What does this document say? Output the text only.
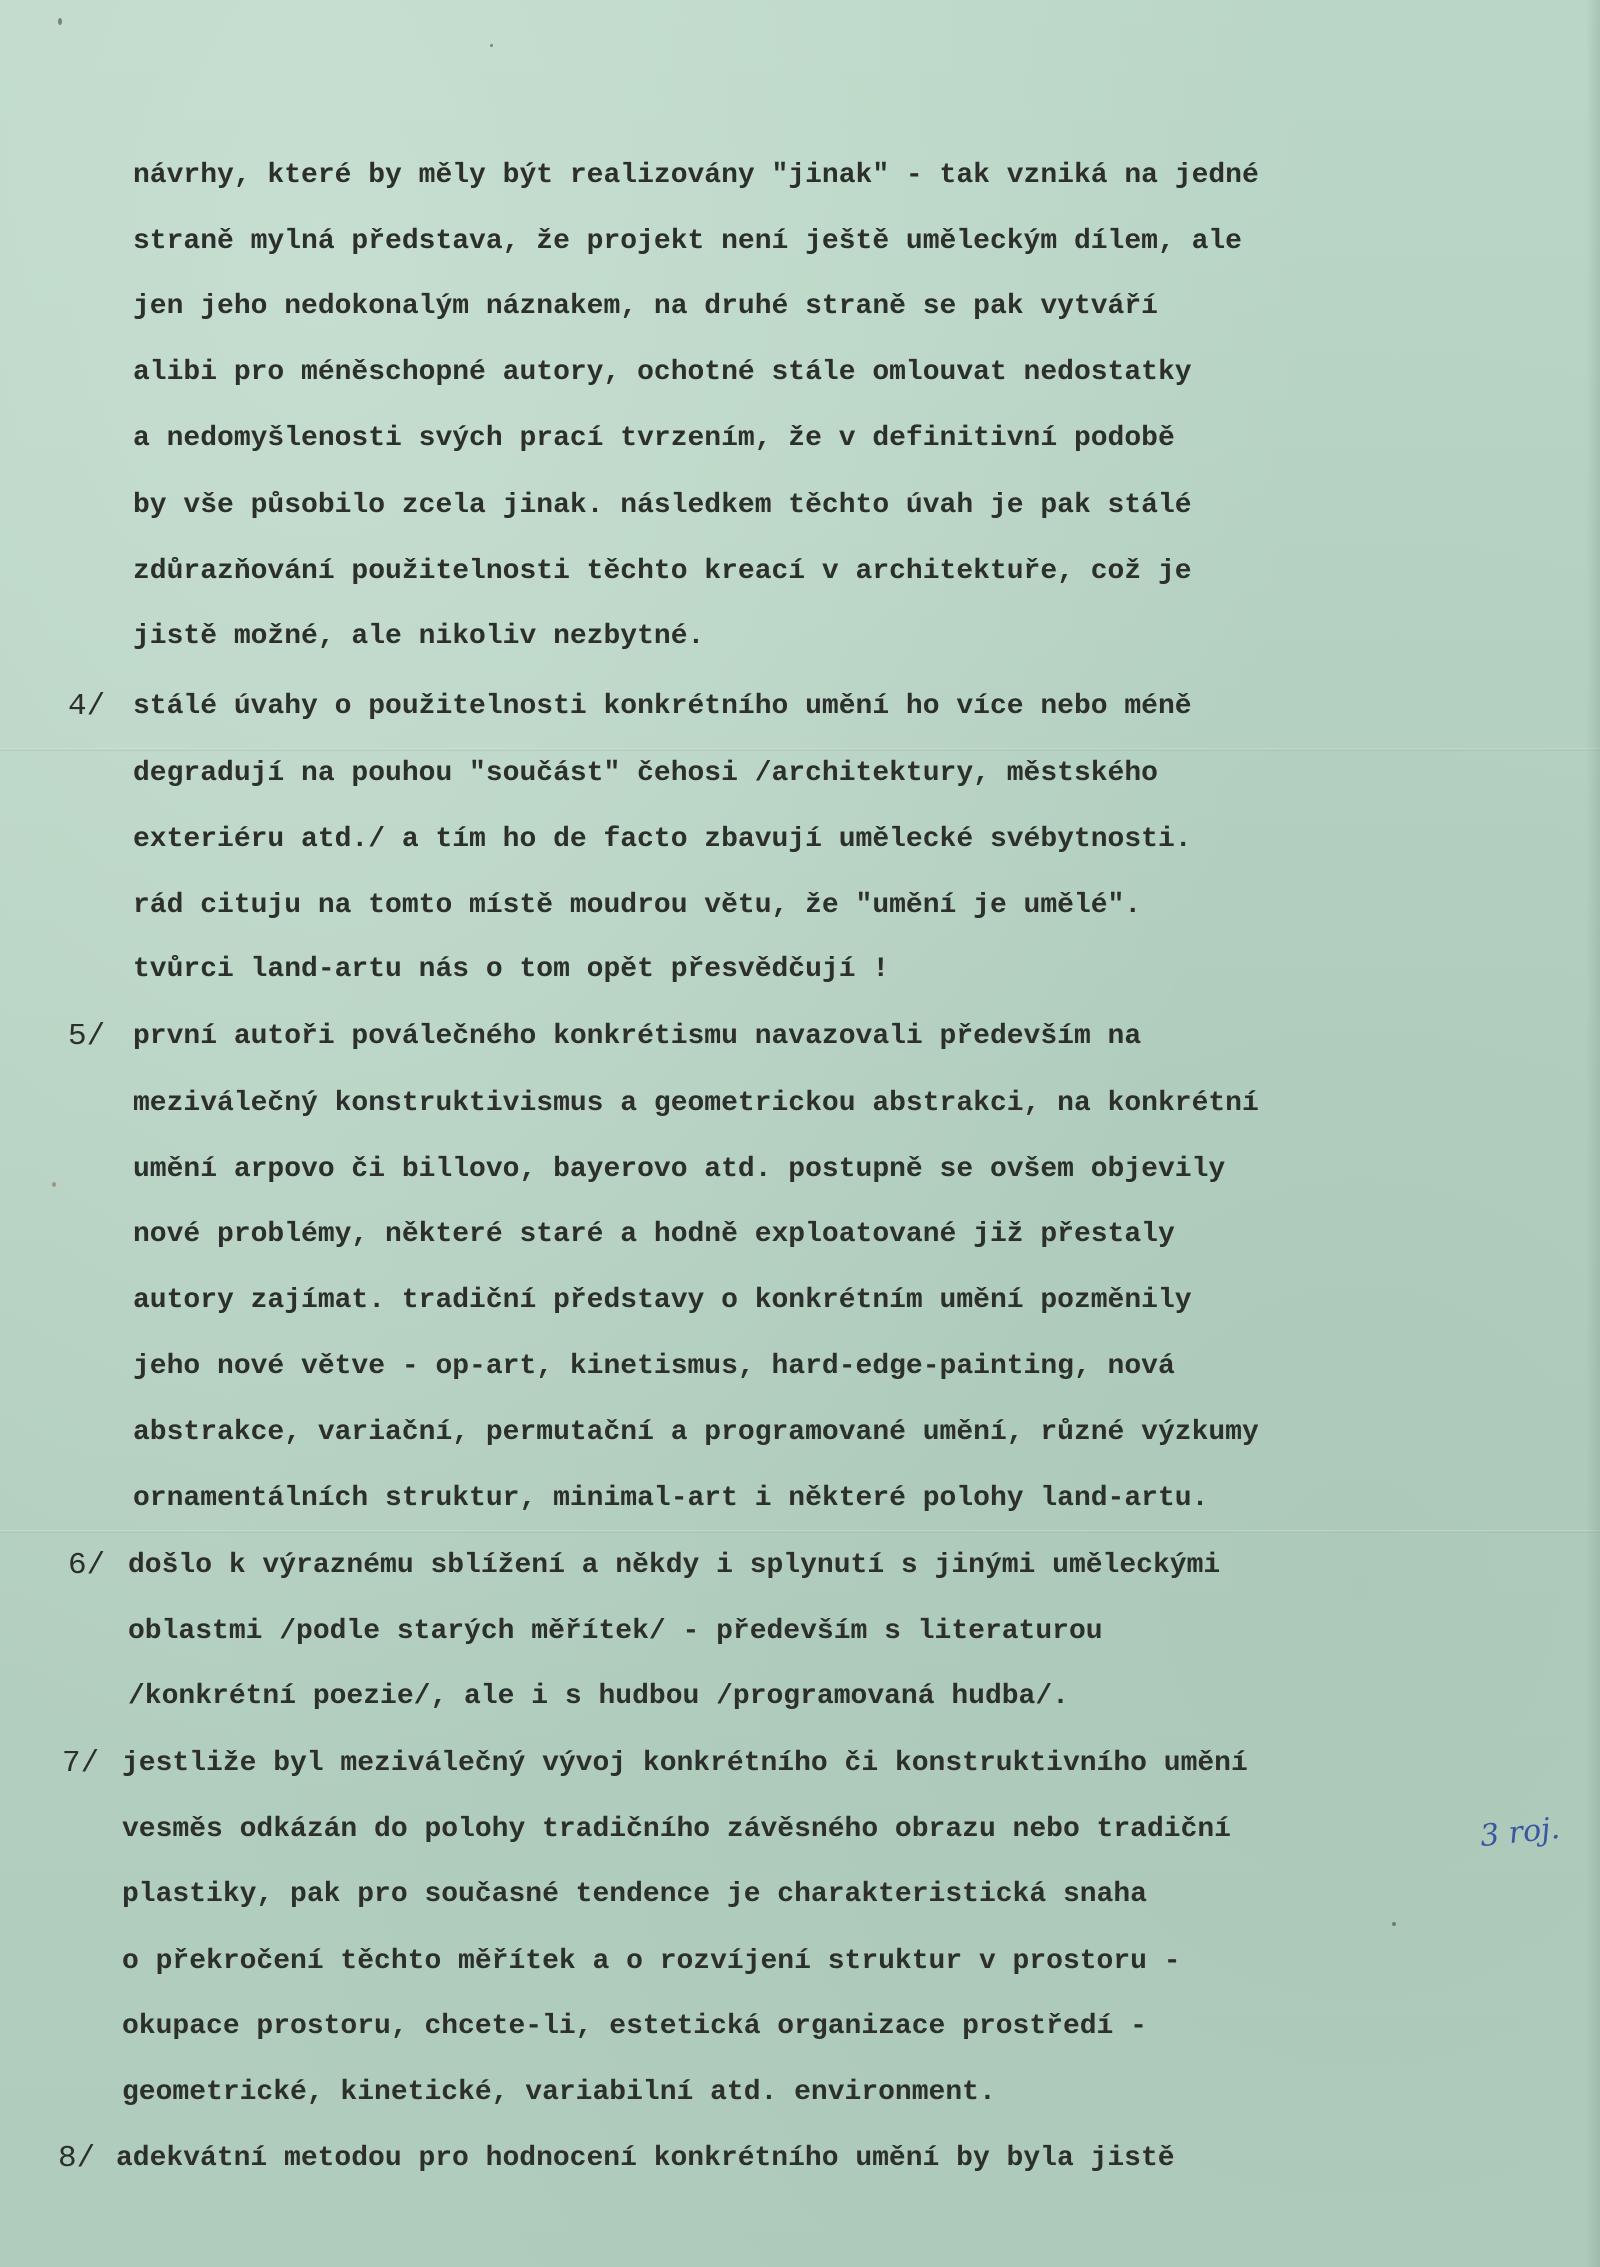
návrhy, které by měly být realizovány "jinak" - tak vzniká na jedné
straně mylná představa, že projekt není ještě uměleckým dílem, ale
jen jeho nedokonalým náznakem, na druhé straně se pak vytváří
alibi pro méněschopné autory, ochotné stále omlouvat nedostatky
a nedomyšlenosti svých prací tvrzením, že v definitivní podobě
by vše působilo zcela jinak. následkem těchto úvah je pak stálé
zdůrazňování použitelnosti těchto kreací v architektuře, což je
jistě možné, ale nikoliv nezbytné.
4/ stálé úvahy o použitelnosti konkrétního umění ho více nebo méně
degradují na pouhou "součást" čehosi /architektury, městského
exteriéru atd./ a tím ho de facto zbavují umělecké svébytnosti.
rád cituju na tomto místě moudrou větu, že "umění je umělé".
tvůrci land-artu nás o tom opět přesvědčují !
5/ první autoři poválečného konkrétismu navazovali především na
meziválečný konstruktivismus a geometrickou abstrakci, na konkrétní
umění arpovo či billovo, bayerovo atd. postupně se ovšem objevily
nové problémy, některé staré a hodně exploatované již přestaly
autory zajímat. tradiční představy o konkrétním umění pozměnily
jeho nové větve - op-art, kinetismus, hard-edge-painting, nová
abstrakce, variační, permutační a programované umění, různé výzkumy
ornamentálních struktur, minimal-art i některé polohy land-artu.
6/ došlo k výraznému sblížení a někdy i splynutí s jinými uměleckými
oblastmi /podle starých měřítek/ - především s literaturou
/konkrétní poezie/, ale i s hudbou /programovaná hudba/.
7/ jestliže byl meziválečný vývoj konkrétního či konstruktivního umění
vesměs odkázán do polohy tradičního závěsného obrazu nebo tradiční
plastiky, pak pro současné tendence je charakteristická snaha
o překročení těchto měřítek a o rozvíjení struktur v prostoru -
okupace prostoru, chcete-li, estetická organizace prostředí -
geometrické, kinetické, variabilní atd. environment.
8/ adekvátní metodou pro hodnocení konkrétního umění by byla jistě
3 roj.
